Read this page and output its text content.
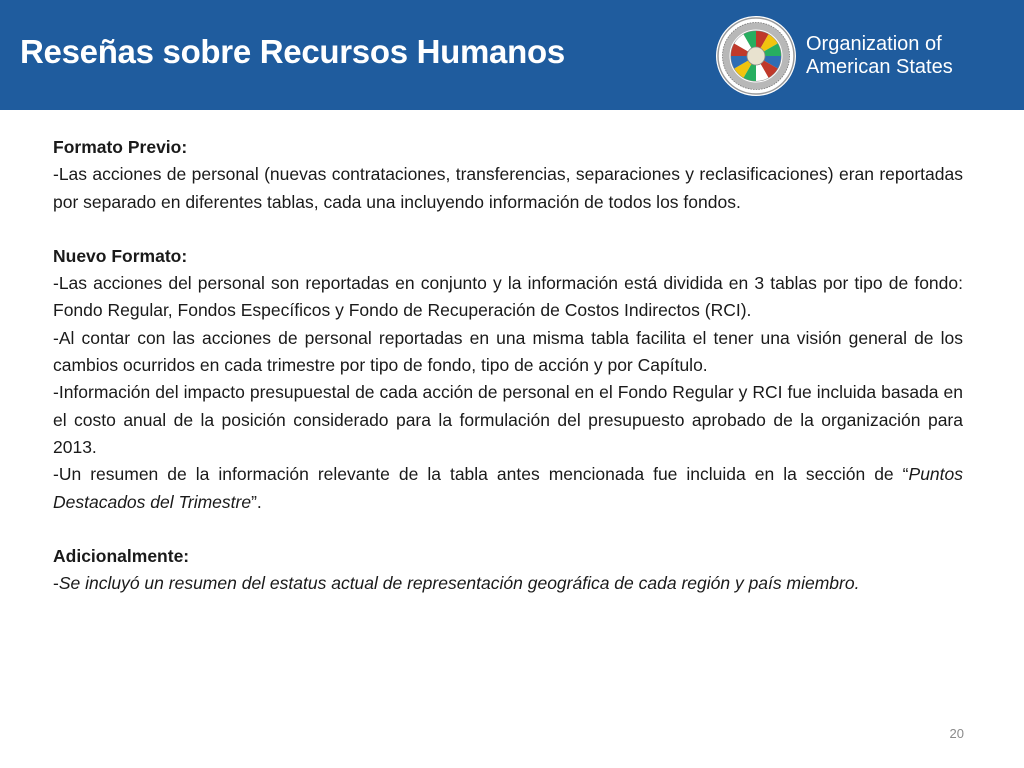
Reseñas sobre Recursos Humanos	Organization of
American States

Formato Previo:

-Las acciones de personal (nuevas contrataciones, transferencias, separaciones y reclasificaciones) eran reportadas por separado en diferentes tablas, cada una incluyendo información de todos los fondos.

Nuevo Formato:

-Las acciones del personal son reportadas en conjunto y la información está dividida en 3 tablas por tipo de fondo: Fondo Regular, Fondos Específicos y Fondo de Recuperación de Costos Indirectos (RCI).

-Al contar con las acciones de personal reportadas en una misma tabla facilita el tener una visión general de los cambios ocurridos en cada trimestre por tipo de fondo, tipo de acción y por Capítulo.

-Información del impacto presupuestal de cada acción de personal en el Fondo Regular y RCI fue incluida basada en el costo anual de la posición considerado para la formulación del presupuesto aprobado de la organización para 2013.

-Un resumen de la información relevante de la tabla antes mencionada fue incluida en la sección de “Puntos Destacados del Trimestre”.

Adicionalmente:

-Se incluyó un resumen del estatus actual de representación geográfica de cada región y país miembro.

20
